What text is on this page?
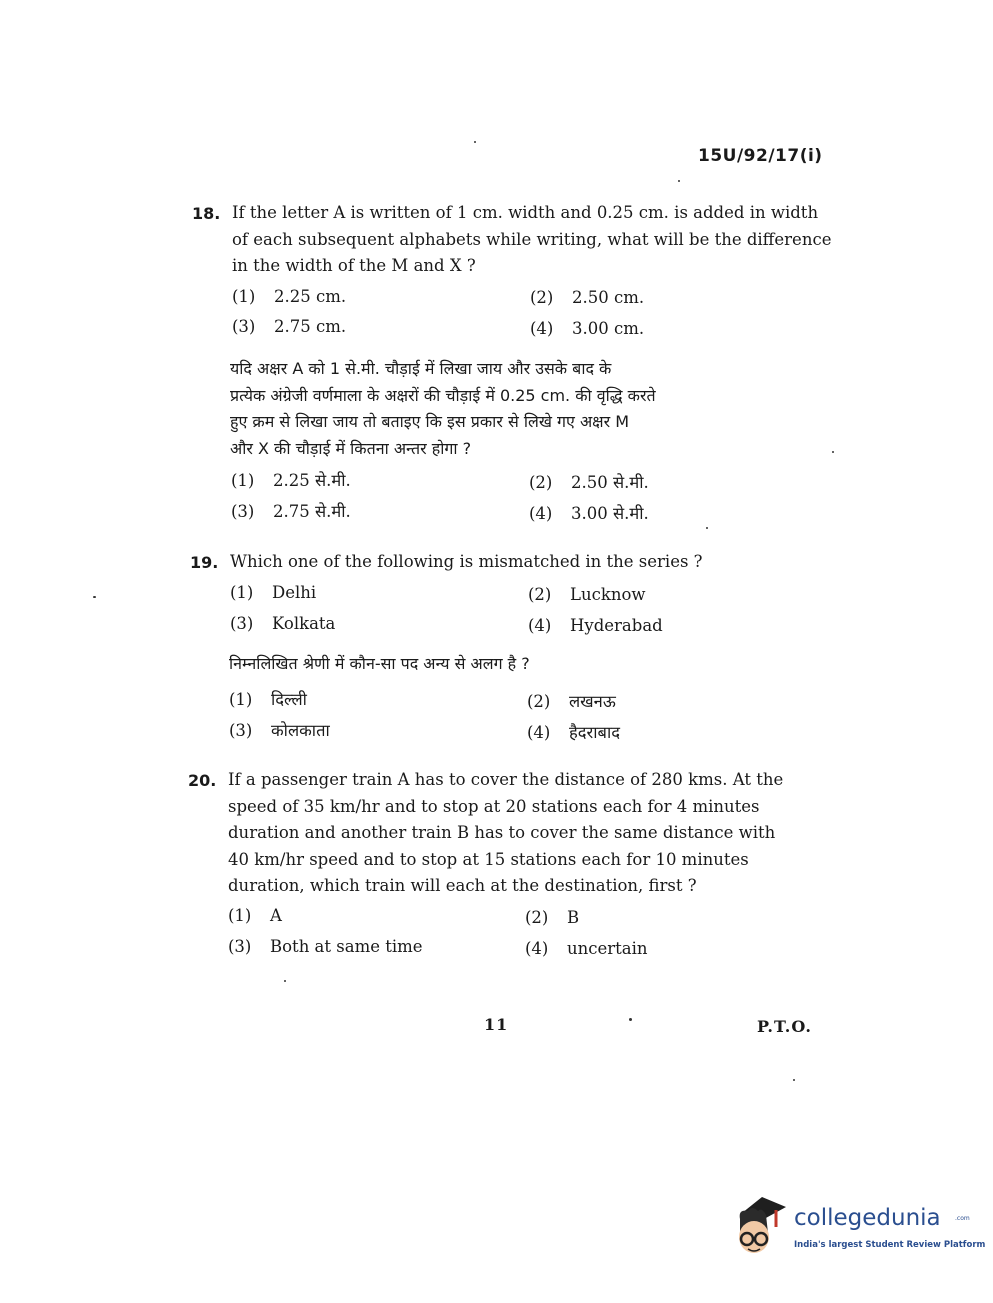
15U/92/17(i)
18. If the letter A is written of 1 cm. width and 0.25 cm. is added in width
of each subsequent alphabets while writing, what will be the difference
in the width of the M and X ?
(1) 2.25 cm.	(2) 2.50 cm.
(3) 2.75 cm.	(4) 3.00 cm.
यदि अक्षर A को 1 से.मी. चौड़ाई में लिखा जाय और उसके बाद के
प्रत्येक अंग्रेजी वर्णमाला के अक्षरों की चौड़ाई में 0.25 cm. की वृद्धि करते
हुए क्रम से लिखा जाय तो बताइए कि इस प्रकार से लिखे गए अक्षर M
और X की चौड़ाई में कितना अन्तर होगा ?
(1) 2.25 से.मी.	(2) 2.50 से.मी.
(3) 2.75 से.मी.	(4) 3.00 से.मी.
19. Which one of the following is mismatched in the series ?
(1) Delhi	(2) Lucknow
(3) Kolkata	(4) Hyderabad
निम्नलिखित श्रेणी में कौन-सा पद अन्य से अलग है ?
(1) दिल्ली	(2) लखनऊ
(3) कोलकाता	(4) हैदराबाद
20. If a passenger train A has to cover the distance of 280 kms. At the
speed of 35 km/hr and to stop at 20 stations each for 4 minutes
duration and another train B has to cover the same distance with
40 km/hr speed and to stop at 15 stations each for 10 minutes
duration, which train will each at the destination, first ?
(1) A	(2) B
(3) Both at same time	(4) uncertain
11	P.T.O.
collegedunia .com
India's largest Student Review Platform
